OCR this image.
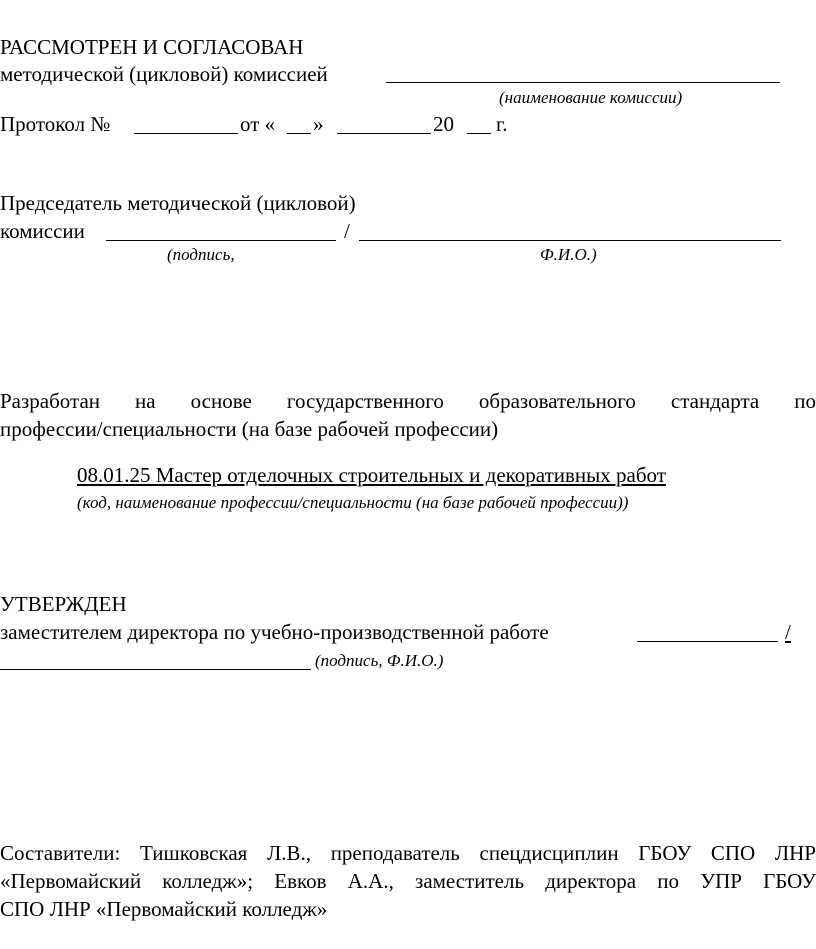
РАССМОТРЕН И СОГЛАСОВАН
методической (цикловой) комиссией
(наименование комиссии)
Протокол №	от « »	20 г.
Председатель методической (цикловой)
комиссии	/
(подпись,	Ф.И.О.)
Разработан на основе государственного образовательного стандарта по
профессии/специальности (на базе рабочей профессии)
08.01.25 Мастер отделочных строительных и декоративных работ
(код, наименование профессии/специальности (на базе рабочей профессии))
УТВЕРЖДЕН
заместителем директора по учебно-производственной работе	/
(подпись, Ф.И.О.)
Составители: Тишковская Л.В., преподаватель спецдисциплин ГБОУ СПО ЛНР
«Первомайский колледж»; Евков А.А., заместитель директора по УПР ГБОУ
СПО ЛНР «Первомайский колледж»
